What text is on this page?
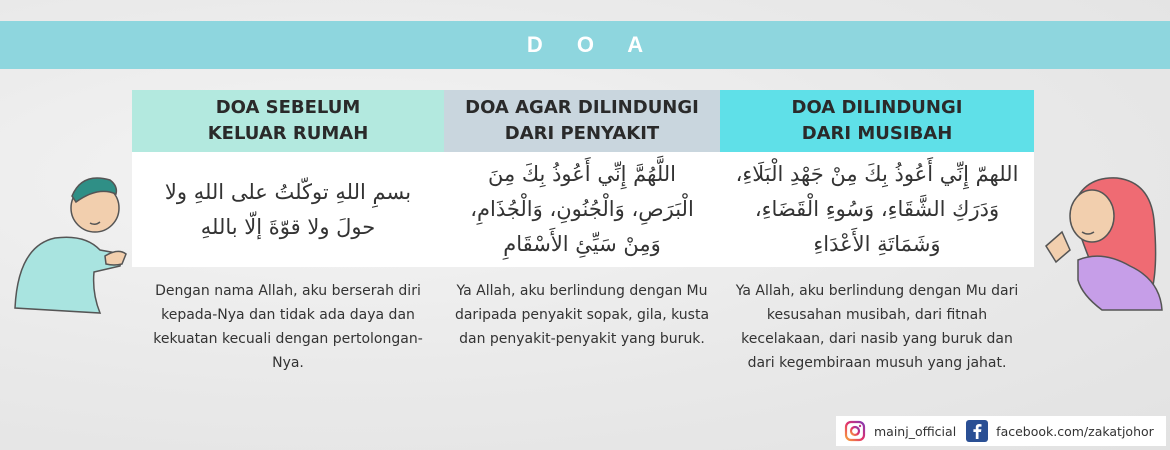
D O A
DOA SEBELUM
KELUAR RUMAH
بسمِ اللهِ توكّلتُ على اللهِ ولا حولَ ولا قوّةَ إلّا باللهِ
Dengan nama Allah, aku berserah diri kepada-Nya dan tidak ada daya dan kekuatan kecuali dengan pertolongan-Nya.
DOA AGAR DILINDUNGI
DARI PENYAKIT
اللَّهُمَّ إِنِّي أَعُوذُ بِكَ مِنَ الْبَرَصِ، وَالْجُنُونِ، وَالْجُذَامِ، وَمِنْ سَيِّئِ الأَسْقَامِ
Ya Allah, aku berlindung dengan Mu daripada penyakit sopak, gila, kusta dan penyakit-penyakit yang buruk.
DOA DILINDUNGI
DARI MUSIBAH
اللهمّ إِنِّي أَعُوذُ بِكَ مِنْ جَهْدِ الْبَلَاءِ، وَدَرَكِ الشَّقَاءِ، وَسُوءِ الْقَضَاءِ، وَشَمَاتَةِ الأَعْدَاءِ
Ya Allah, aku berlindung dengan Mu dari kesusahan musibah, dari fitnah kecelakaan, dari nasib yang buruk dan dari kegembiraan musuh yang jahat.
mainj_official	facebook.com/zakatjohor
